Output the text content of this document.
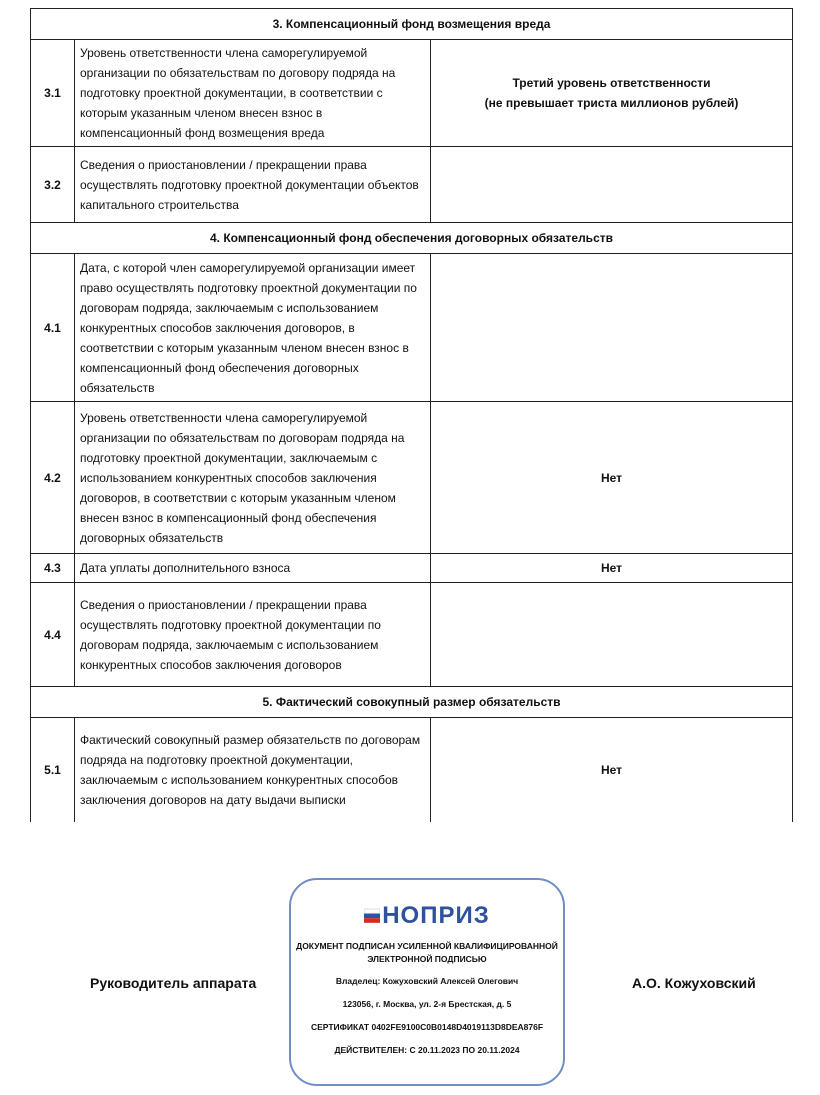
3. Компенсационный фонд возмещения вреда		
3.1	Уровень ответственности члена саморегулируемой организации по обязательствам по договору подряда на подготовку проектной документации, в соответствии с которым указанным членом внесен взнос в компенсационный фонд возмещения вреда	Третий уровень ответственности
(не превышает триста миллионов рублей)

3.2	Сведения о приостановлении / прекращении права осуществлять подготовку проектной документации объектов капитального строительства	
4. Компенсационный фонд обеспечения договорных обязательств		
4.1	Дата, с которой член саморегулируемой организации имеет право осуществлять подготовку проектной документации по договорам подряда, заключаемым с использованием конкурентных способов заключения договоров, в соответствии с которым указанным членом внесен взнос в компенсационный фонд обеспечения договорных обязательств	
4.2	Уровень ответственности члена саморегулируемой организации по обязательствам по договорам подряда на подготовку проектной документации, заключаемым с использованием конкурентных способов заключения договоров, в соответствии с которым указанным членом внесен взнос в компенсационный фонд обеспечения договорных обязательств	Нет
4.3	Дата уплаты дополнительного взноса	Нет
4.4	Сведения о приостановлении / прекращении права осуществлять подготовку проектной документации по договорам подряда, заключаемым с использованием конкурентных способов заключения договоров	
5. Фактический совокупный размер обязательств		
5.1	Фактический совокупный размер обязательств по договорам подряда на подготовку проектной документации, заключаемым с использованием конкурентных способов заключения договоров на дату выдачи выписки	Нет
Руководитель аппарата
НОПРИЗ
ДОКУМЕНТ ПОДПИСАН УСИЛЕННОЙ КВАЛИФИЦИРОВАННОЙ
ЭЛЕКТРОННОЙ ПОДПИСЬЮ
Владелец: Кожуховский Алексей Олегович
123056, г. Москва, ул. 2-я Брестская, д. 5
СЕРТИФИКАТ 0402FE9100C0B0148D4019113D8DEA876F
ДЕЙСТВИТЕЛЕН: С 20.11.2023 ПО 20.11.2024
А.О. Кожуховский
